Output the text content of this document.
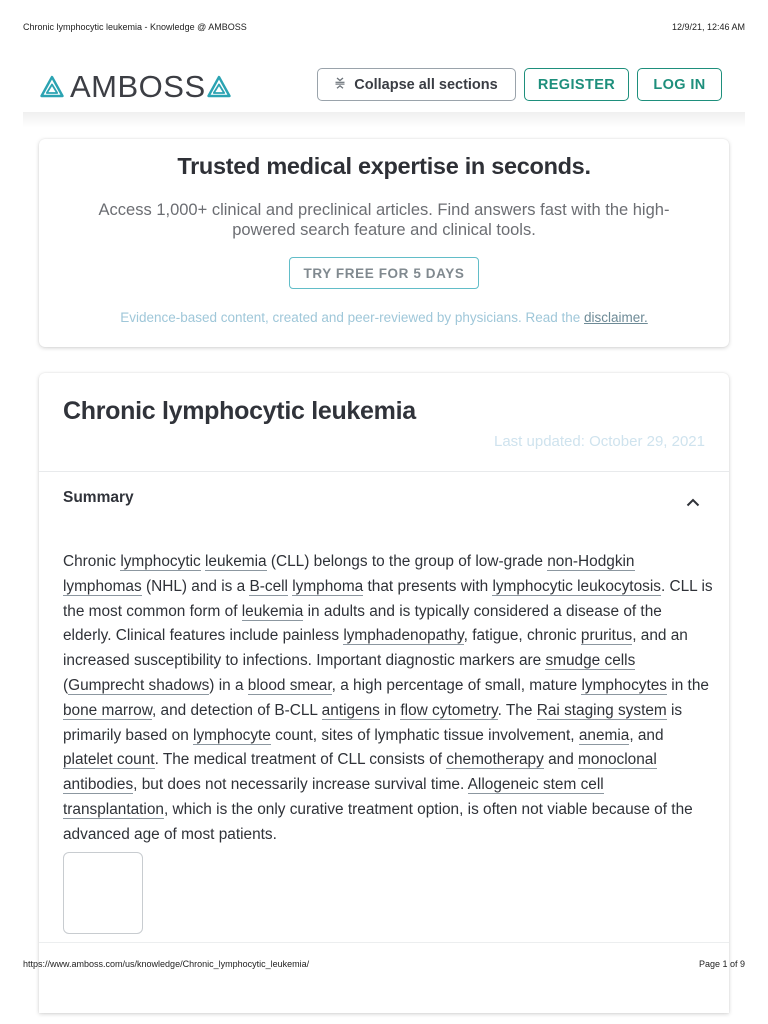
Chronic lymphocytic leukemia - Knowledge @ AMBOSS	12/9/21, 12:46 AM
AMBOSS	Collapse all sections	REGISTER	LOG IN
Trusted medical expertise in seconds.

Access 1,000+ clinical and preclinical articles. Find answers fast with the high-powered search feature and clinical tools.

TRY FREE FOR 5 DAYS

Evidence-based content, created and peer-reviewed by physicians. Read the disclaimer.

Chronic lymphocytic leukemia
Last updated: October 29, 2021
Summary

Chronic lymphocytic leukemia (CLL) belongs to the group of low-grade non-Hodgkin lymphomas (NHL) and is a B-cell lymphoma that presents with lymphocytic leukocytosis. CLL is the most common form of leukemia in adults and is typically considered a disease of the elderly. Clinical features include painless lymphadenopathy, fatigue, chronic pruritus, and an increased susceptibility to infections. Important diagnostic markers are smudge cells (Gumprecht shadows) in a blood smear, a high percentage of small, mature lymphocytes in the bone marrow, and detection of B-CLL antigens in flow cytometry. The Rai staging system is primarily based on lymphocyte count, sites of lymphatic tissue involvement, anemia, and platelet count. The medical treatment of CLL consists of chemotherapy and monoclonal antibodies, but does not necessarily increase survival time. Allogeneic stem cell transplantation, which is the only curative treatment option, is often not viable because of the advanced age of most patients.

https://www.amboss.com/us/knowledge/Chronic_lymphocytic_leukemia/	Page 1 of 9
